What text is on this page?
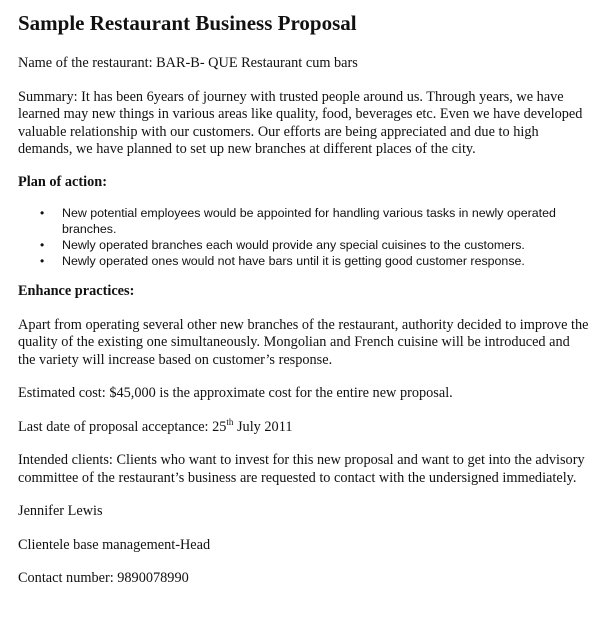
Sample Restaurant Business Proposal

Name of the restaurant: BAR-B- QUE Restaurant cum bars

Summary: It has been 6years of journey with trusted people around us. Through years, we have learned may new things in various areas like quality, food, beverages etc. Even we have developed valuable relationship with our customers. Our efforts are being appreciated and due to high demands, we have planned to set up new branches at different places of the city.

Plan of action:

• New potential employees would be appointed for handling various tasks in newly operated branches.
• Newly operated branches each would provide any special cuisines to the customers.
• Newly operated ones would not have bars until it is getting good customer response.

Enhance practices:

Apart from operating several other new branches of the restaurant, authority decided to improve the quality of the existing one simultaneously. Mongolian and French cuisine will be introduced and the variety will increase based on customer’s response.

Estimated cost: $45,000 is the approximate cost for the entire new proposal.

Last date of proposal acceptance: 25th July 2011

Intended clients: Clients who want to invest for this new proposal and want to get into the advisory committee of the restaurant’s business are requested to contact with the undersigned immediately.

Jennifer Lewis

Clientele base management-Head

Contact number: 9890078990
